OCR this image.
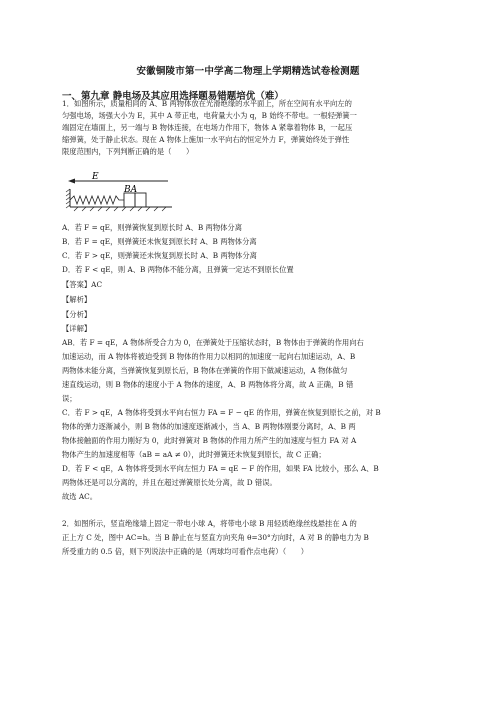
安徽铜陵市第一中学高二物理上学期精选试卷检测题
一、第九章 静电场及其应用选择题易错题培优（难）
1．如图所示，质量相同的 A、B 两物体放在光滑绝缘的水平面上，所在空间有水平向左的
匀强电场，场强大小为 E，其中 A 带正电，电荷量大小为 q，B 始终不带电。一根轻弹簧一
端固定在墙面上，另一端与 B 物体连接，在电场力作用下，物体 A 紧靠着物体 B，一起压
缩弹簧，处于静止状态。现在 A 物体上施加一水平向右的恒定外力 F，弹簧始终处于弹性
限度范围内，下列判断正确的是（　　）
E
BA
A．若 F = qE，则弹簧恢复到原长时 A、B 两物体分离
B．若 F = qE，则弹簧还未恢复到原长时 A、B 两物体分离
C．若 F > qE，则弹簧还未恢复到原长时 A、B 两物体分离
D．若 F < qE，则 A、B 两物体不能分离，且弹簧一定达不到原长位置
【答案】AC
【解析】
【分析】
【详解】
AB．若 F = qE，A 物体所受合力为 0，在弹簧处于压缩状态时，B 物体由于弹簧的作用向右
加速运动，而 A 物体将被迫受到 B 物体的作用力以相同的加速度一起向右加速运动，A、B
两物体未能分离，当弹簧恢复到原长后，B 物体在弹簧的作用下做减速运动，A 物体做匀
速直线运动，则 B 物体的速度小于 A 物体的速度，A、B 两物体将分离，故 A 正确，B 错
误；
C．若 F > qE，A 物体将受到水平向右恒力 FA = F − qE 的作用，弹簧在恢复到原长之前，对 B
物体的弹力逐渐减小，则 B 物体的加速度逐渐减小，当 A、B 两物体刚要分离时，A、B 两
物体接触面的作用力刚好为 0，此时弹簧对 B 物体的作用力所产生的加速度与恒力 FA 对 A
物体产生的加速度相等（aB = aA ≠ 0），此时弹簧还未恢复到原长，故 C 正确；
D．若 F < qE，A 物体将受到水平向左恒力 FA = qE − F 的作用，如果 FA 比较小，那么 A、B
两物体还是可以分离的，并且在超过弹簧原长处分离，故 D 错误。
故选 AC。
2．如图所示，竖直绝缘墙上固定一带电小球 A，将带电小球 B 用轻质绝缘丝线悬挂在 A 的
正上方 C 处，图中 AC=h。当 B 静止在与竖直方向夹角 θ=30°方向时，A 对 B 的静电力为 B
所受重力的 0.5 倍，则下列说法中正确的是（两球均可看作点电荷）（　　）
